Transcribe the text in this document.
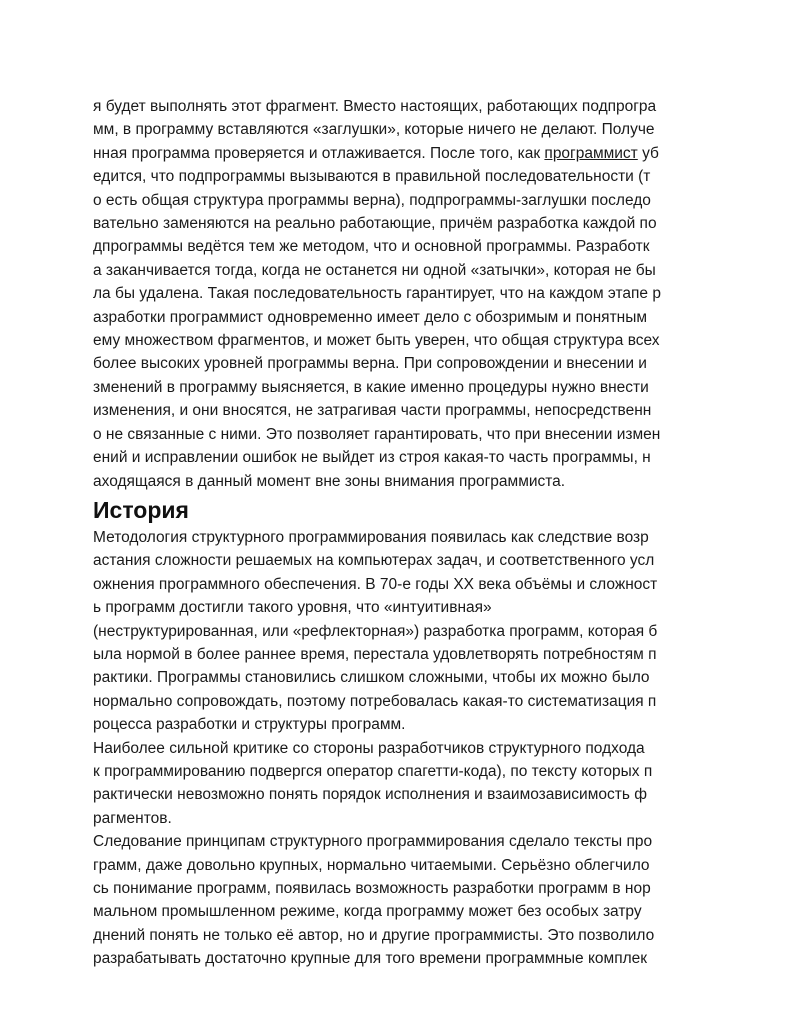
я будет выполнять этот фрагмент. Вместо настоящих, работающих подпрогра
мм, в программу вставляются «заглушки», которые ничего не делают. Получе
нная программа проверяется и отлаживается. После того, как программист уб
едится, что подпрограммы вызываются в правильной последовательности (т
о есть общая структура программы верна), подпрограммы-заглушки последо
вательно заменяются на реально работающие, причём разработка каждой по
дпрограммы ведётся тем же методом, что и основной программы. Разработк
а заканчивается тогда, когда не останется ни одной «затычки», которая не бы
ла бы удалена. Такая последовательность гарантирует, что на каждом этапе р
азработки программист одновременно имеет дело с обозримым и понятным
ему множеством фрагментов, и может быть уверен, что общая структура всех
более высоких уровней программы верна. При сопровождении и внесении и
зменений в программу выясняется, в какие именно процедуры нужно внести
изменения, и они вносятся, не затрагивая части программы, непосредственн
о не связанные с ними. Это позволяет гарантировать, что при внесении измен
ений и исправлении ошибок не выйдет из строя какая-то часть программы, н
аходящаяся в данный момент вне зоны внимания программиста.
История
Методология структурного программирования появилась как следствие возр
астания сложности решаемых на компьютерах задач, и соответственного усл
ожнения программного обеспечения. В 70-е годы XX века объёмы и сложност
ь программ достигли такого уровня, что «интуитивная»
(неструктурированная, или «рефлекторная») разработка программ, которая б
ыла нормой в более раннее время, перестала удовлетворять потребностям п
рактики. Программы становились слишком сложными, чтобы их можно было
нормально сопровождать, поэтому потребовалась какая-то систематизация п
роцесса разработки и структуры программ.
Наиболее сильной критике со стороны разработчиков структурного подхода
к программированию подвергся оператор спагетти-кода), по тексту которых п
рактически невозможно понять порядок исполнения и взаимозависимость ф
рагментов.
Следование принципам структурного программирования сделало тексты про
грамм, даже довольно крупных, нормально читаемыми. Серьёзно облегчило
сь понимание программ, появилась возможность разработки программ в нор
мальном промышленном режиме, когда программу может без особых затру
днений понять не только её автор, но и другие программисты. Это позволило
разрабатывать достаточно крупные для того времени программные комплек
